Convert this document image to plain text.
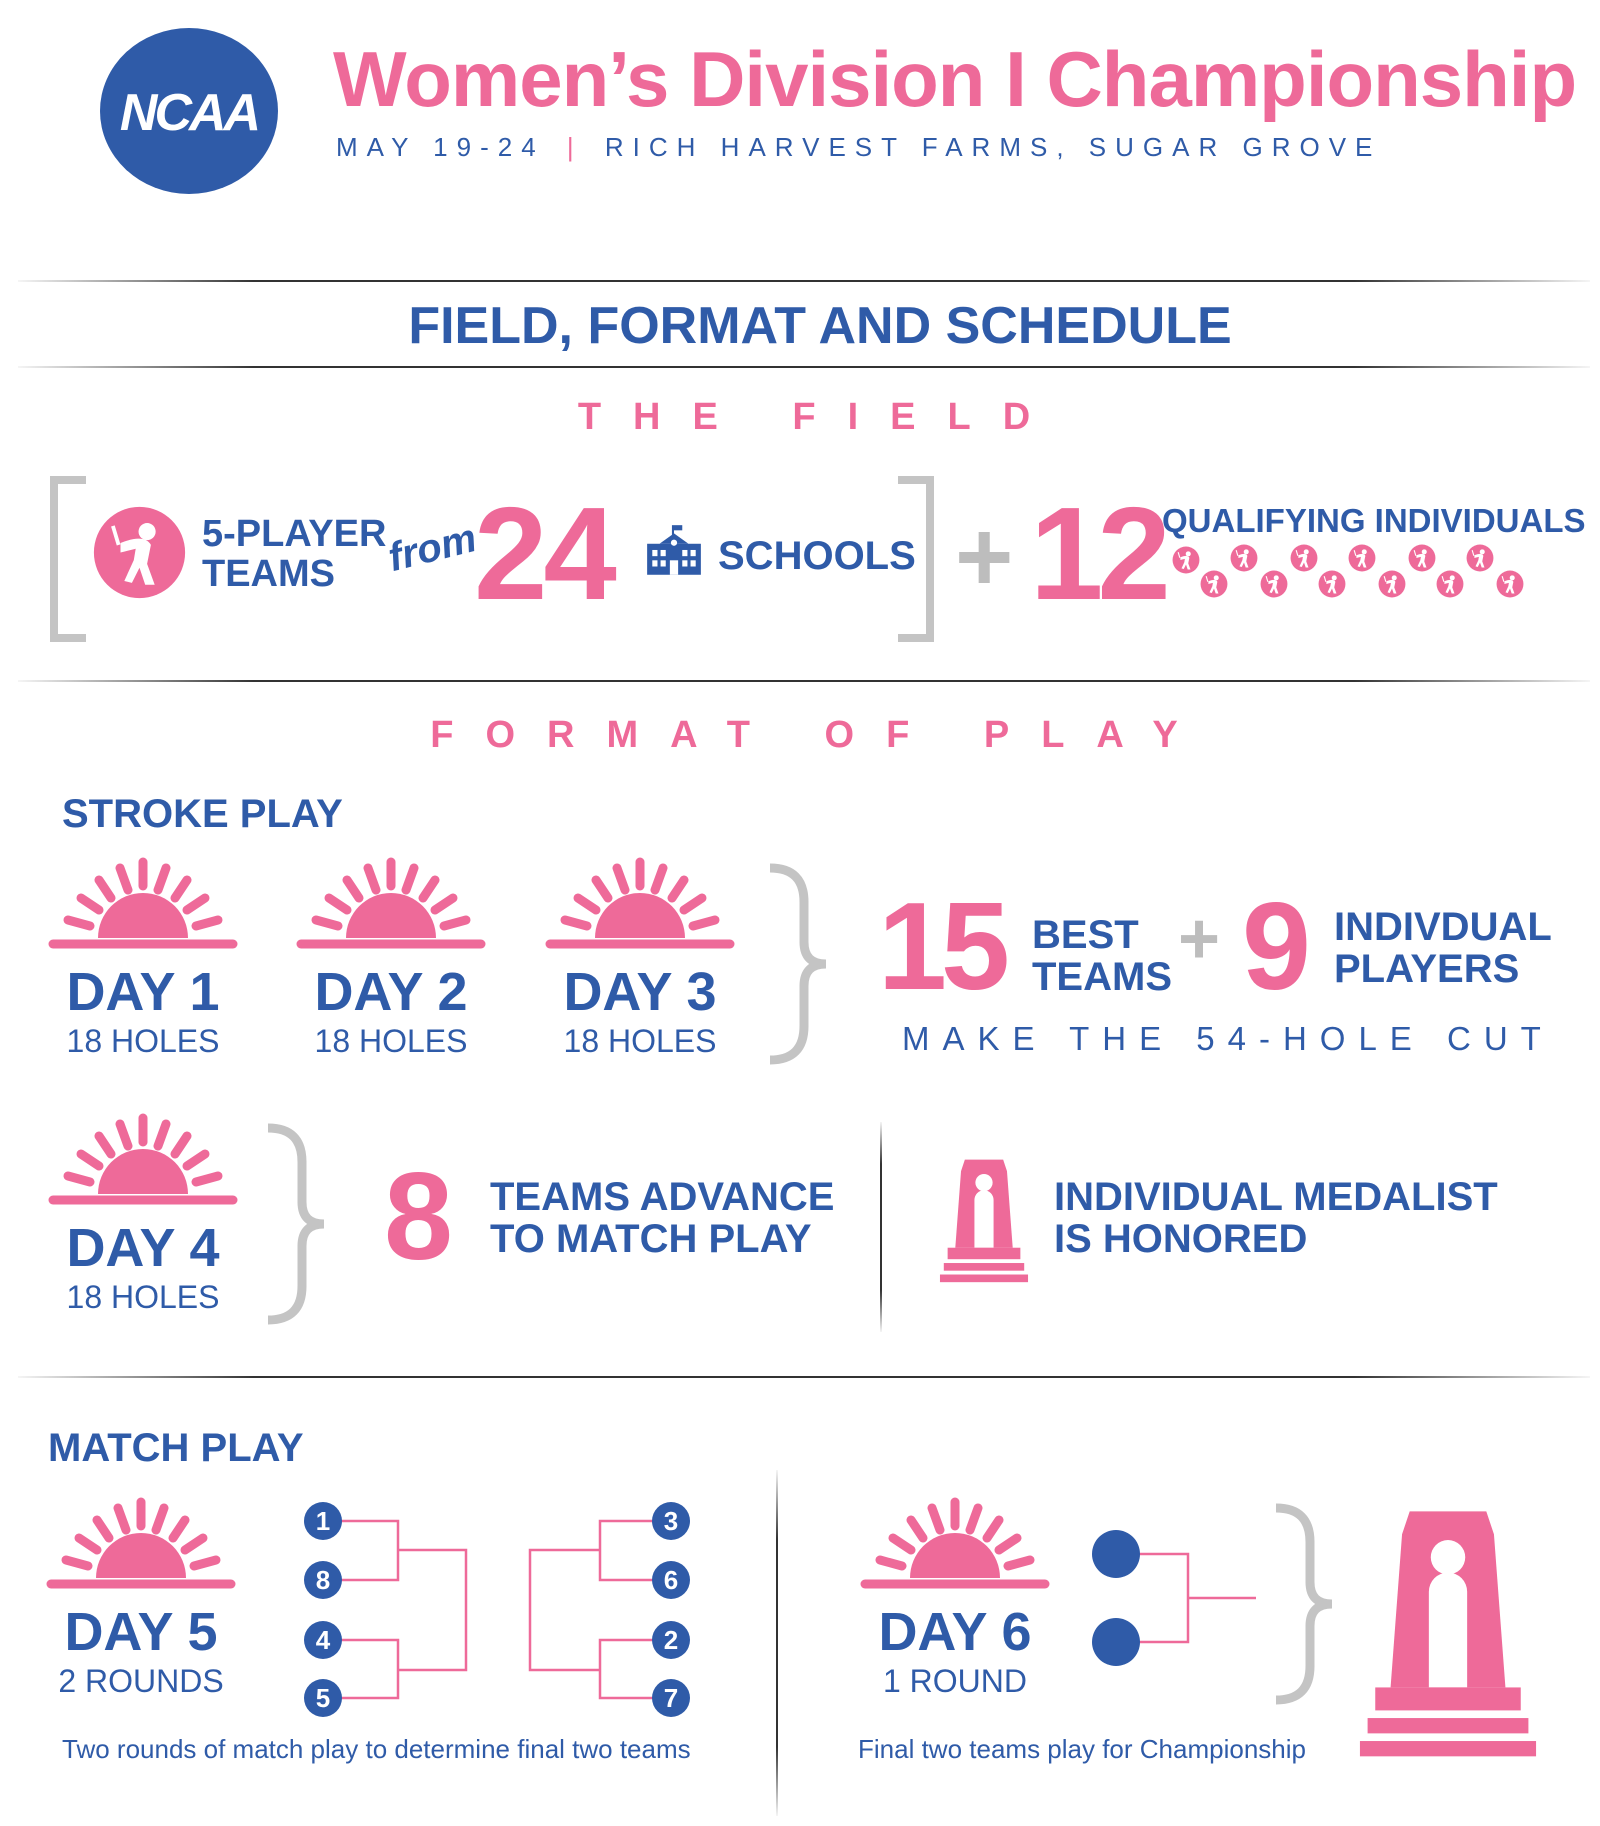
NCAA Women’s Division I Championship
MAY 19-24 | RICH HARVEST FARMS, SUGAR GROVE
FIELD, FORMAT AND SCHEDULE
THE FIELD
5-PLAYER
TEAMS	from
24	SCHOOLS + 12
QUALIFYING INDIVIDUALS
FORMAT OF PLAY
STROKE PLAY
DAY 1
18 HOLES
DAY 2
18 HOLES
DAY 3
18 HOLES
15 BEST
TEAMS + 9 INDIVDUAL
PLAYERS
MAKE THE 54-HOLE CUT
DAY 4
18 HOLES
8 TEAMS ADVANCE
TO MATCH PLAY
INDIVIDUAL MEDALIST
IS HONORED
MATCH PLAY
DAY 5
2 ROUNDS
1
8
4
5
3
6
2
7
Two rounds of match play to determine final two teams
DAY 6
1 ROUND
Final two teams play for Championship
